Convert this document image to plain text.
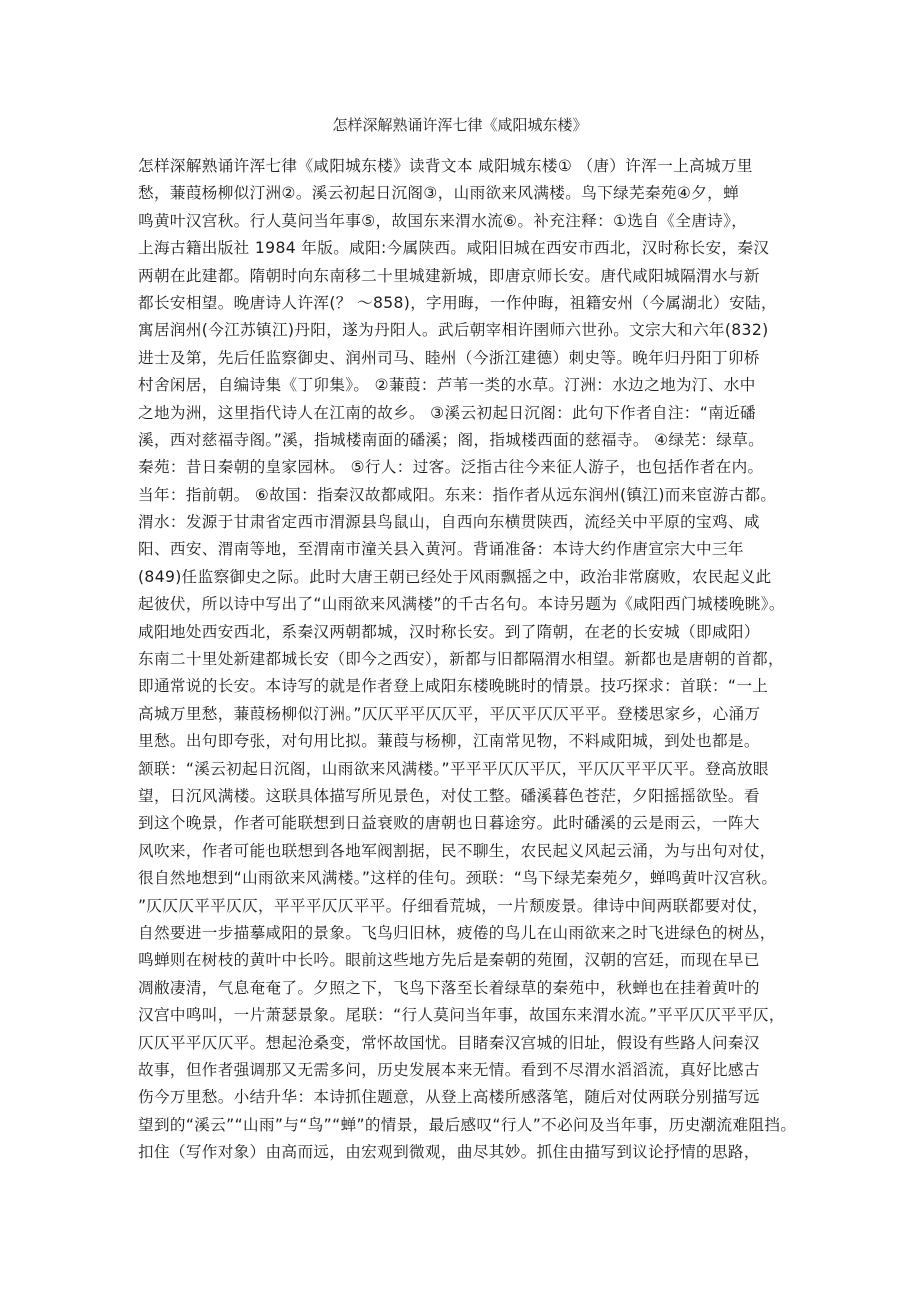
怎样深解熟诵许浑七律《咸阳城东楼》
怎样深解熟诵许浑七律《咸阳城东楼》读背文本 咸阳城东楼① （唐）许浑一上高城万里
愁，蒹葭杨柳似汀洲②。溪云初起日沉阁③，山雨欲来风满楼。鸟下绿芜秦苑④夕，蝉
鸣黄叶汉宫秋。行人莫问当年事⑤，故国东来渭水流⑥。补充注释：①选自《全唐诗》，
上海古籍出版社 1984 年版。咸阳:今属陕西。咸阳旧城在西安市西北，汉时称长安，秦汉
两朝在此建都。隋朝时向东南移二十里城建新城，即唐京师长安。唐代咸阳城隔渭水与新
都长安相望。晚唐诗人许浑(？ ～858)，字用晦，一作仲晦，祖籍安州（今属湖北）安陆，
寓居润州(今江苏镇江)丹阳，遂为丹阳人。武后朝宰相许圉师六世孙。文宗大和六年(832)
进士及第，先后任监察御史、润州司马、睦州（今浙江建德）刺史等。晚年归丹阳丁卯桥
村舍闲居，自编诗集《丁卯集》。 ②蒹葭：芦苇一类的水草。汀洲：水边之地为汀、水中
之地为洲，这里指代诗人在江南的故乡。 ③溪云初起日沉阁：此句下作者自注：“南近磻
溪，西对慈福寺阁。”溪，指城楼南面的磻溪；阁，指城楼西面的慈福寺。 ④绿芜：绿草。
秦苑：昔日秦朝的皇家园林。 ⑤行人：过客。泛指古往今来征人游子，也包括作者在内。
当年：指前朝。 ⑥故国：指秦汉故都咸阳。东来：指作者从远东润州(镇江)而来宦游古都。
渭水：发源于甘肃省定西市渭源县鸟鼠山，自西向东横贯陕西，流经关中平原的宝鸡、咸
阳、西安、渭南等地，至渭南市潼关县入黄河。背诵准备：本诗大约作唐宣宗大中三年
(849)任监察御史之际。此时大唐王朝已经处于风雨飘摇之中，政治非常腐败，农民起义此
起彼伏，所以诗中写出了“山雨欲来风满楼”的千古名句。本诗另题为《咸阳西门城楼晚眺》。
咸阳地处西安西北，系秦汉两朝都城，汉时称长安。到了隋朝，在老的长安城（即咸阳）
东南二十里处新建都城长安（即今之西安），新都与旧都隔渭水相望。新都也是唐朝的首都，
即通常说的长安。本诗写的就是作者登上咸阳东楼晚眺时的情景。技巧探求：首联：“一上
高城万里愁，蒹葭杨柳似汀洲。”仄仄平平仄仄平，平仄平仄仄平平。登楼思家乡，心涌万
里愁。出句即夸张，对句用比拟。蒹葭与杨柳，江南常见物，不料咸阳城，到处也都是。
颔联：“溪云初起日沉阁，山雨欲来风满楼。”平平平仄仄平仄，平仄仄平平仄平。登高放眼
望，日沉风满楼。这联具体描写所见景色，对仗工整。磻溪暮色苍茫，夕阳摇摇欲坠。看
到这个晚景，作者可能联想到日益衰败的唐朝也日暮途穷。此时磻溪的云是雨云，一阵大
风吹来，作者可能也联想到各地军阀割据，民不聊生，农民起义风起云涌，为与出句对仗，
很自然地想到“山雨欲来风满楼。”这样的佳句。颈联：“鸟下绿芜秦苑夕，蝉鸣黄叶汉宫秋。
”仄仄仄平平仄仄，平平平仄仄平平。仔细看荒城，一片颓废景。律诗中间两联都要对仗，
自然要进一步描摹咸阳的景象。飞鸟归旧林，疲倦的鸟儿在山雨欲来之时飞进绿色的树丛，
鸣蝉则在树枝的黄叶中长吟。眼前这些地方先后是秦朝的苑囿，汉朝的宫廷，而现在早已
凋敝凄清，气息奄奄了。夕照之下，飞鸟下落至长着绿草的秦苑中，秋蝉也在挂着黄叶的
汉宫中鸣叫，一片萧瑟景象。尾联：“行人莫问当年事，故国东来渭水流。”平平仄仄平平仄，
仄仄平平仄仄平。想起沧桑变，常怀故国忧。目睹秦汉宫城的旧址，假设有些路人问秦汉
故事，但作者强调那又无需多问，历史发展本来无情。看到不尽渭水滔滔流，真好比感古
伤今万里愁。小结升华：本诗抓住题意，从登上高楼所感落笔，随后对仗两联分别描写远
望到的“溪云”“山雨”与“鸟”“蝉”的情景，最后感叹“行人”不必问及当年事，历史潮流难阻挡。
扣住（写作对象）由高而远，由宏观到微观，曲尽其妙。抓住由描写到议论抒情的思路，
